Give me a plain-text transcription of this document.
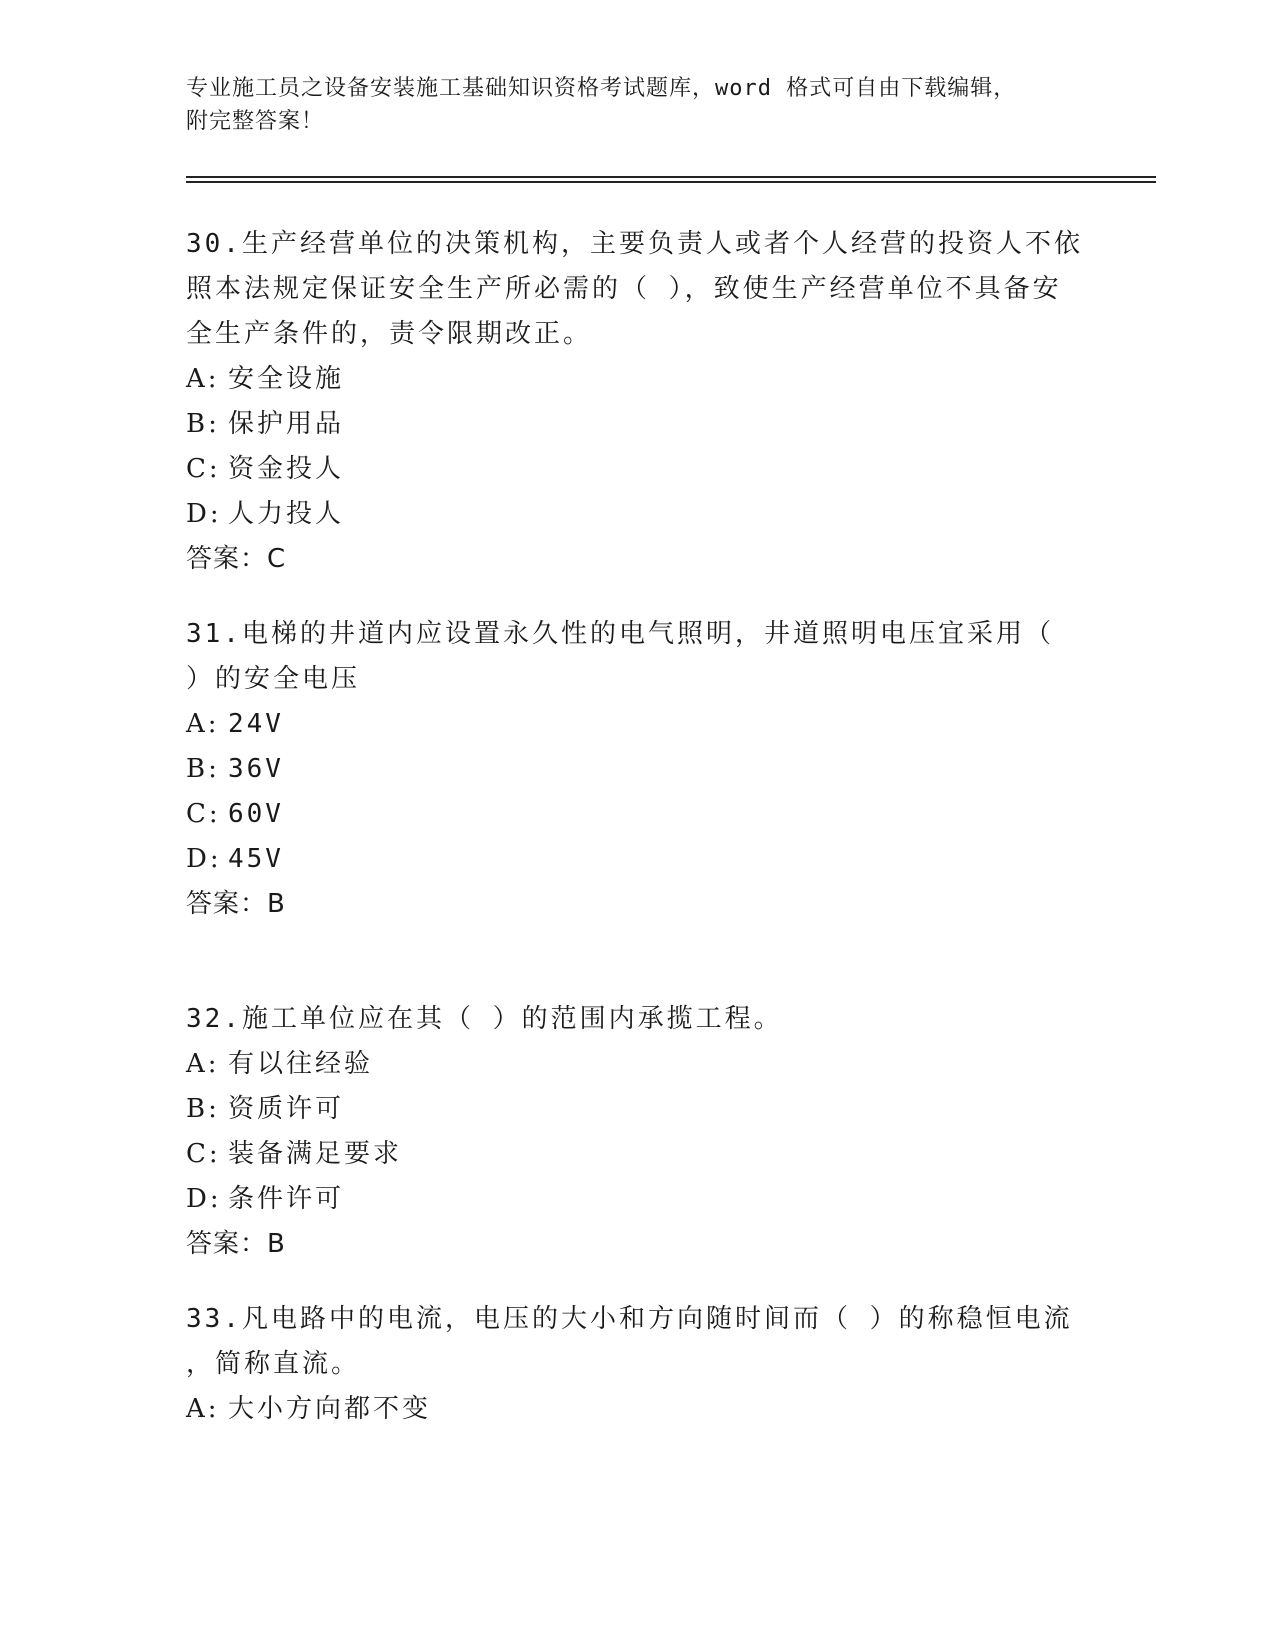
专业施工员之设备安装施工基础知识资格考试题库，word 格式可自由下载编辑，
附完整答案！
30.生产经营单位的决策机构，主要负责人或者个人经营的投资人不依
照本法规定保证安全生产所必需的（ ），致使生产经营单位不具备安
全生产条件的，责令限期改正。
A: 安全设施
B: 保护用品
C: 资金投人
D: 人力投人
答案：C
31.电梯的井道内应设置永久性的电气照明，井道照明电压宜采用（
）的安全电压
A: 24V
B: 36V
C: 60V
D: 45V
答案：B
32.施工单位应在其（ ）的范围内承揽工程。
A: 有以往经验
B: 资质许可
C: 装备满足要求
D: 条件许可
答案：B
33.凡电路中的电流，电压的大小和方向随时间而（ ）的称稳恒电流
，简称直流。
A: 大小方向都不变
